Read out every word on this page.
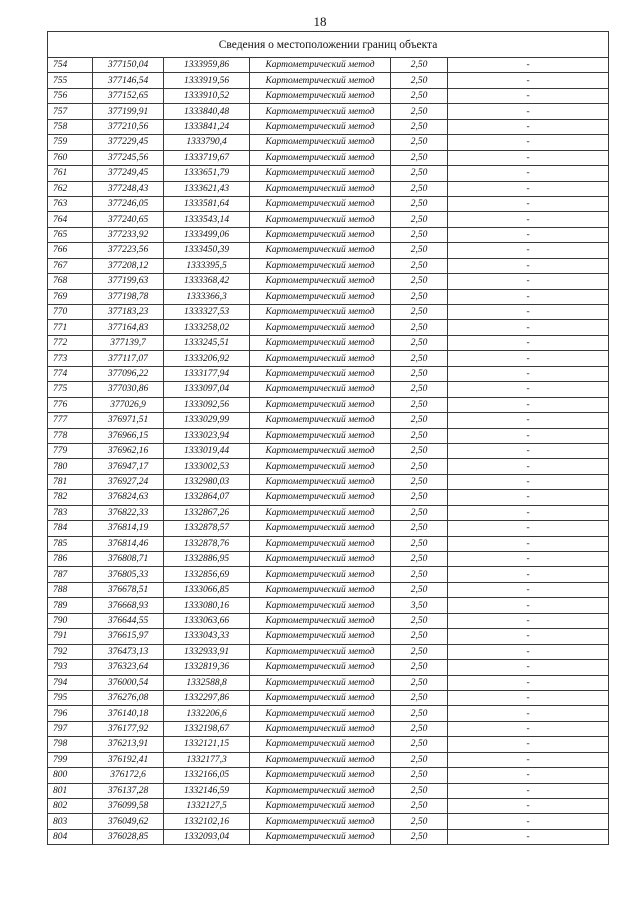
18
Сведения о местоположении границ объекта					
754	377150,04	1333959,86	Картометрический метод	2,50	-
755	377146,54	1333919,56	Картометрический метод	2,50	-
756	377152,65	1333910,52	Картометрический метод	2,50	-
757	377199,91	1333840,48	Картометрический метод	2,50	-
758	377210,56	1333841,24	Картометрический метод	2,50	-
759	377229,45	1333790,4	Картометрический метод	2,50	-
760	377245,56	1333719,67	Картометрический метод	2,50	-
761	377249,45	1333651,79	Картометрический метод	2,50	-
762	377248,43	1333621,43	Картометрический метод	2,50	-
763	377246,05	1333581,64	Картометрический метод	2,50	-
764	377240,65	1333543,14	Картометрический метод	2,50	-
765	377233,92	1333499,06	Картометрический метод	2,50	-
766	377223,56	1333450,39	Картометрический метод	2,50	-
767	377208,12	1333395,5	Картометрический метод	2,50	-
768	377199,63	1333368,42	Картометрический метод	2,50	-
769	377198,78	1333366,3	Картометрический метод	2,50	-
770	377183,23	1333327,53	Картометрический метод	2,50	-
771	377164,83	1333258,02	Картометрический метод	2,50	-
772	377139,7	1333245,51	Картометрический метод	2,50	-
773	377117,07	1333206,92	Картометрический метод	2,50	-
774	377096,22	1333177,94	Картометрический метод	2,50	-
775	377030,86	1333097,04	Картометрический метод	2,50	-
776	377026,9	1333092,56	Картометрический метод	2,50	-
777	376971,51	1333029,99	Картометрический метод	2,50	-
778	376966,15	1333023,94	Картометрический метод	2,50	-
779	376962,16	1333019,44	Картометрический метод	2,50	-
780	376947,17	1333002,53	Картометрический метод	2,50	-
781	376927,24	1332980,03	Картометрический метод	2,50	-
782	376824,63	1332864,07	Картометрический метод	2,50	-
783	376822,33	1332867,26	Картометрический метод	2,50	-
784	376814,19	1332878,57	Картометрический метод	2,50	-
785	376814,46	1332878,76	Картометрический метод	2,50	-
786	376808,71	1332886,95	Картометрический метод	2,50	-
787	376805,33	1332856,69	Картометрический метод	2,50	-
788	376678,51	1333066,85	Картометрический метод	2,50	-
789	376668,93	1333080,16	Картометрический метод	3,50	-
790	376644,55	1333063,66	Картометрический метод	2,50	-
791	376615,97	1333043,33	Картометрический метод	2,50	-
792	376473,13	1332933,91	Картометрический метод	2,50	-
793	376323,64	1332819,36	Картометрический метод	2,50	-
794	376000,54	1332588,8	Картометрический метод	2,50	-
795	376276,08	1332297,86	Картометрический метод	2,50	-
796	376140,18	1332206,6	Картометрический метод	2,50	-
797	376177,92	1332198,67	Картометрический метод	2,50	-
798	376213,91	1332121,15	Картометрический метод	2,50	-
799	376192,41	1332177,3	Картометрический метод	2,50	-
800	376172,6	1332166,05	Картометрический метод	2,50	-
801	376137,28	1332146,59	Картометрический метод	2,50	-
802	376099,58	1332127,5	Картометрический метод	2,50	-
803	376049,62	1332102,16	Картометрический метод	2,50	-
804	376028,85	1332093,04	Картометрический метод	2,50	-
